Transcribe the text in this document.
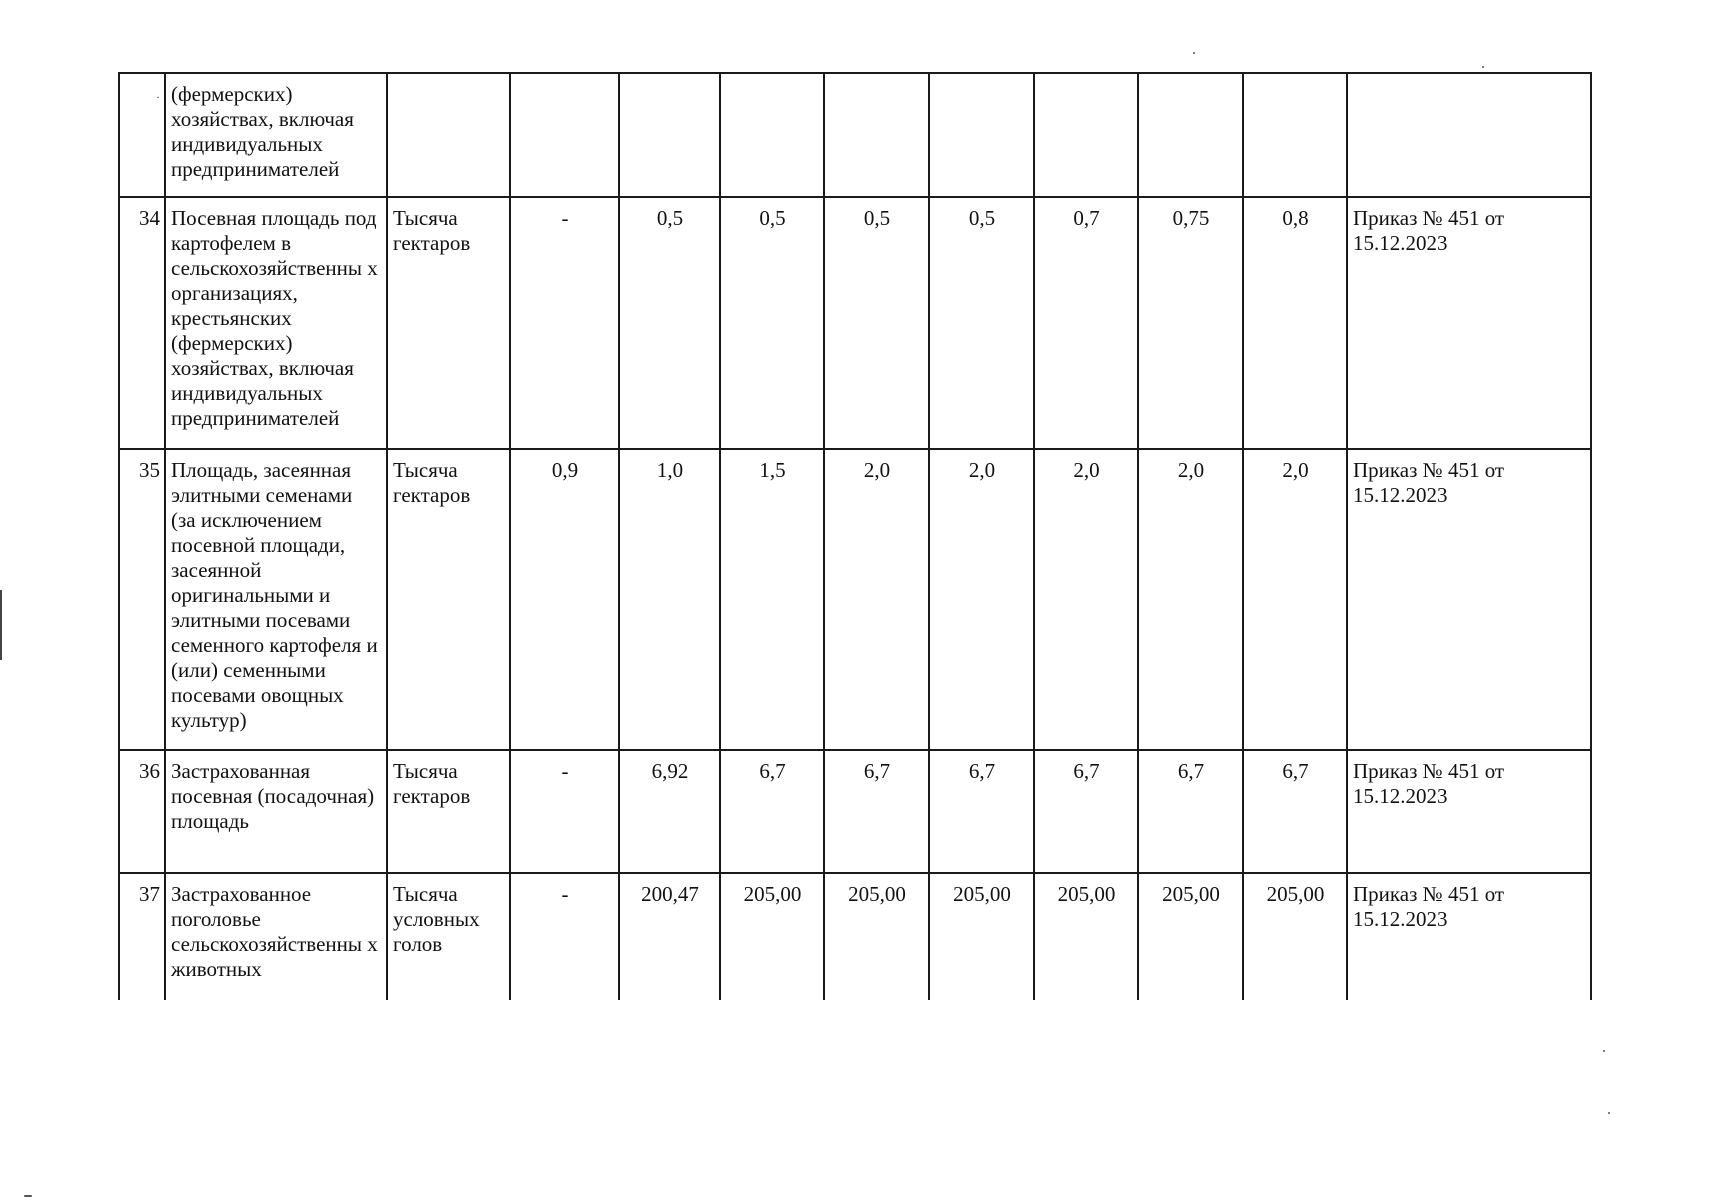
·	(фермерских) хозяйствах, включая индивидуальных предпринимателей										
34	Посевная площадь под картофелем в сельскохозяйственны х организациях, крестьянских (фермерских) хозяйствах, включая индивидуальных предпринимателей	Тысяча гектаров	-	0,5	0,5	0,5	0,5	0,7	0,75	0,8	Приказ № 451 от 15.12.2023
35	Площадь, засеянная элитными семенами (за исключением посевной площади, засеянной оригинальными и элитными посевами семенного картофеля и (или) семенными посевами овощных культур)	Тысяча гектаров	0,9	1,0	1,5	2,0	2,0	2,0	2,0	2,0	Приказ № 451 от 15.12.2023
36	Застрахованная посевная (посадочная) площадь	Тысяча гектаров	-	6,92	6,7	6,7	6,7	6,7	6,7	6,7	Приказ № 451 от 15.12.2023
37	Застрахованное поголовье сельскохозяйственны х животных	Тысяча условных голов	-	200,47	205,00	205,00	205,00	205,00	205,00	205,00	Приказ № 451 от 15.12.2023
